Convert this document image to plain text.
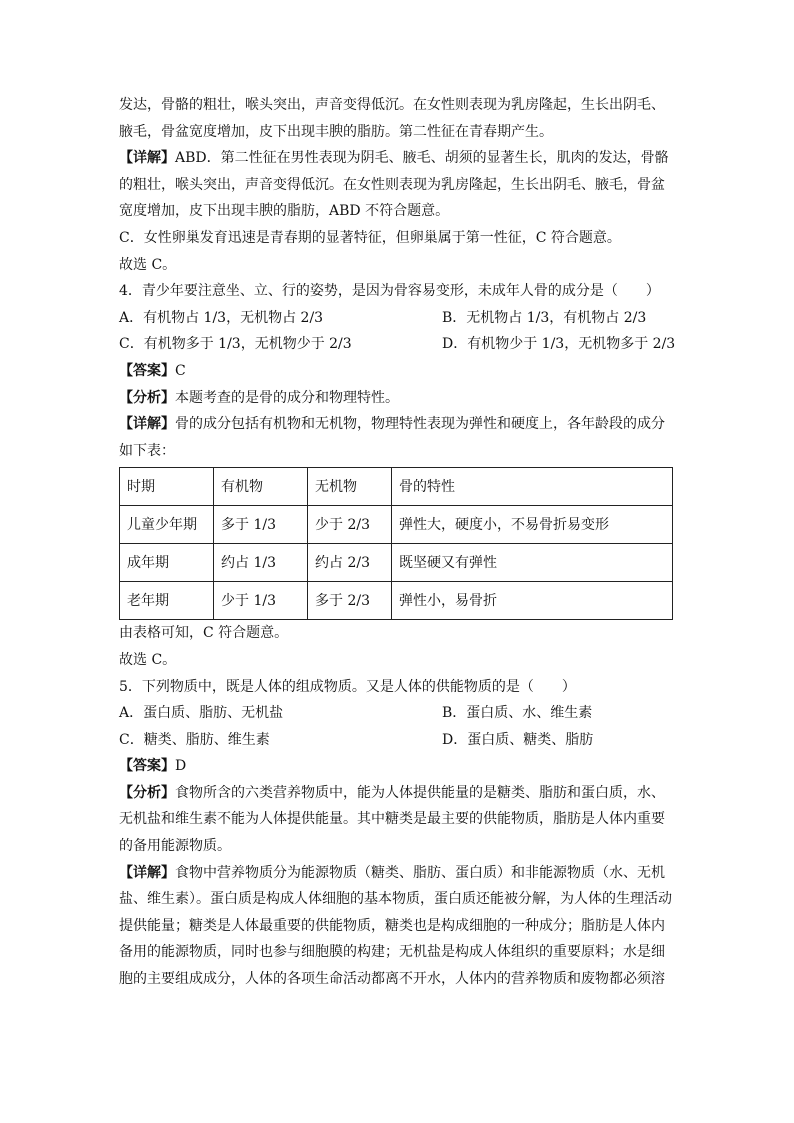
发达，骨骼的粗壮，喉头突出，声音变得低沉。在女性则表现为乳房隆起，生长出阴毛、
腋毛，骨盆宽度增加，皮下出现丰腴的脂肪。第二性征在青春期产生。

【详解】ABD．第二性征在男性表现为阴毛、腋毛、胡须的显著生长，肌肉的发达，骨骼
的粗壮，喉头突出，声音变得低沉。在女性则表现为乳房隆起，生长出阴毛、腋毛，骨盆
宽度增加，皮下出现丰腴的脂肪，ABD 不符合题意。
C．女性卵巢发育迅速是青春期的显著特征，但卵巢属于第一性征，C 符合题意。
故选 C。

4．青少年要注意坐、立、行的姿势，是因为骨容易变形，未成年人骨的成分是（　　）

A．有机物占 1/3，无机物占 2/3	B．无机物占 1/3，有机物占 2/3
C．有机物多于 1/3，无机物少于 2/3	D．有机物少于 1/3，无机物多于 2/3

【答案】C
【分析】本题考查的是骨的成分和物理特性。
【详解】骨的成分包括有机物和无机物，物理特性表现为弹性和硬度上，各年龄段的成分
如下表：

时期	有机物	无机物	骨的特性
儿童少年期	多于 1/3	少于 2/3	弹性大，硬度小，不易骨折易变形
成年期	约占 1/3	约占 2/3	既坚硬又有弹性
老年期	少于 1/3	多于 2/3	弹性小，易骨折

由表格可知，C 符合题意。
故选 C。

5．下列物质中，既是人体的组成物质。又是人体的供能物质的是（　　）

A．蛋白质、脂肪、无机盐	B．蛋白质、水、维生素
C．糖类、脂肪、维生素	D．蛋白质、糖类、脂肪

【答案】D
【分析】食物所含的六类营养物质中，能为人体提供能量的是糖类、脂肪和蛋白质，水、
无机盐和维生素不能为人体提供能量。其中糖类是最主要的供能物质，脂肪是人体内重要
的备用能源物质。
【详解】食物中营养物质分为能源物质（糖类、脂肪、蛋白质）和非能源物质（水、无机
盐、维生素）。蛋白质是构成人体细胞的基本物质，蛋白质还能被分解，为人体的生理活动
提供能量；糖类是人体最重要的供能物质，糖类也是构成细胞的一种成分；脂肪是人体内
备用的能源物质，同时也参与细胞膜的构建；无机盐是构成人体组织的重要原料；水是细
胞的主要组成成分，人体的各项生命活动都离不开水，人体内的营养物质和废物都必须溶
